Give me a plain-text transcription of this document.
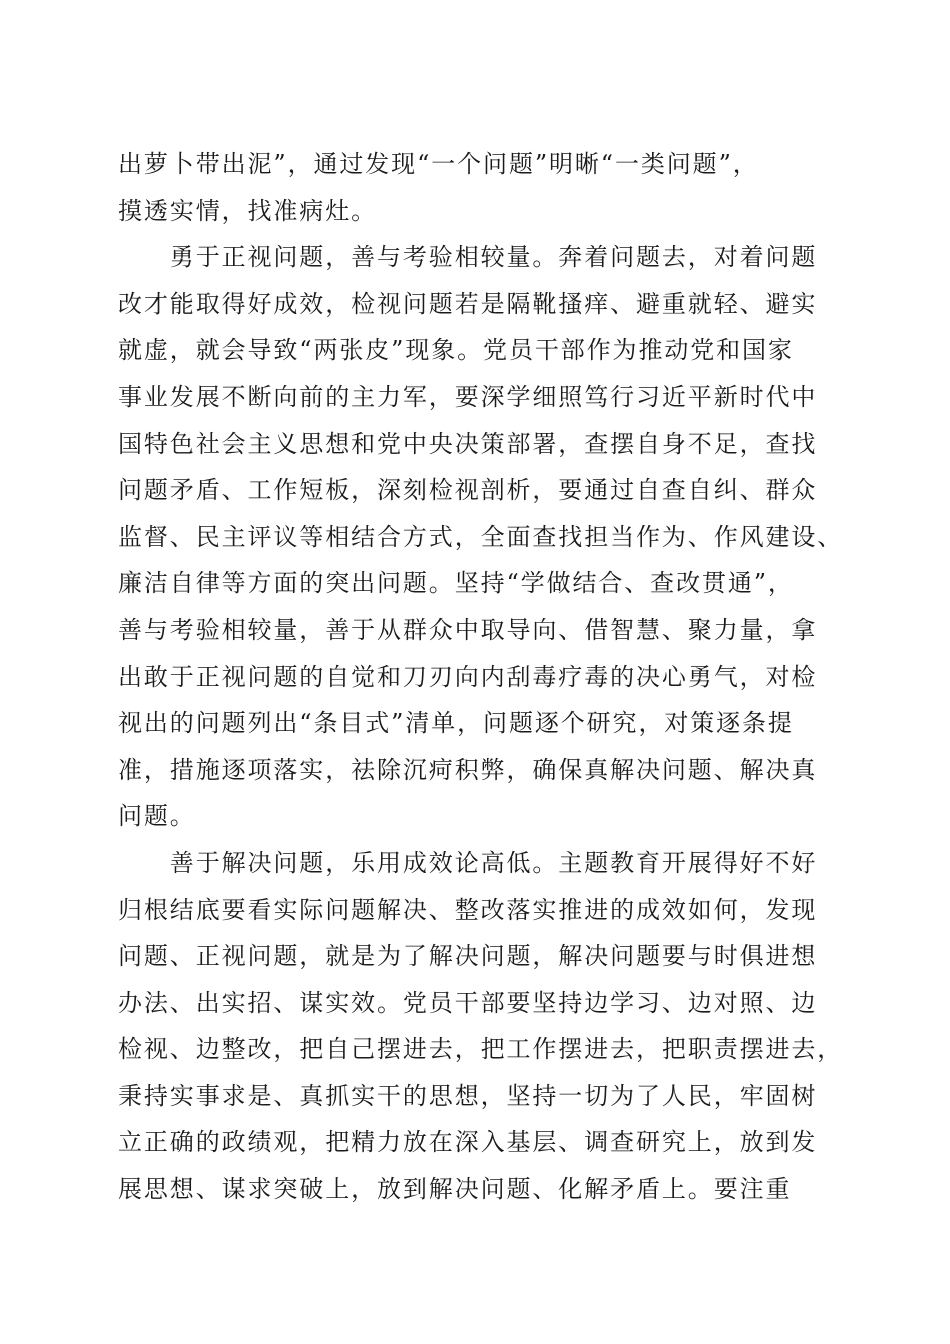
出萝卜带出泥”，通过发现“一个问题”明晰“一类问题”，
摸透实情，找准病灶。
　　勇于正视问题，善与考验相较量。奔着问题去，对着问题
改才能取得好成效，检视问题若是隔靴搔痒、避重就轻、避实
就虚，就会导致“两张皮”现象。党员干部作为推动党和国家
事业发展不断向前的主力军，要深学细照笃行习近平新时代中
国特色社会主义思想和党中央决策部署，查摆自身不足，查找
问题矛盾、工作短板，深刻检视剖析，要通过自查自纠、群众
监督、民主评议等相结合方式，全面查找担当作为、作风建设、
廉洁自律等方面的突出问题。坚持“学做结合、查改贯通”，
善与考验相较量，善于从群众中取导向、借智慧、聚力量，拿
出敢于正视问题的自觉和刀刃向内刮毒疗毒的决心勇气，对检
视出的问题列出“条目式”清单，问题逐个研究，对策逐条提
准，措施逐项落实，祛除沉疴积弊，确保真解决问题、解决真
问题。
　　善于解决问题，乐用成效论高低。主题教育开展得好不好
归根结底要看实际问题解决、整改落实推进的成效如何，发现
问题、正视问题，就是为了解决问题，解决问题要与时俱进想
办法、出实招、谋实效。党员干部要坚持边学习、边对照、边
检视、边整改，把自己摆进去，把工作摆进去，把职责摆进去，
秉持实事求是、真抓实干的思想，坚持一切为了人民，牢固树
立正确的政绩观，把精力放在深入基层、调查研究上，放到发
展思想、谋求突破上，放到解决问题、化解矛盾上。要注重
